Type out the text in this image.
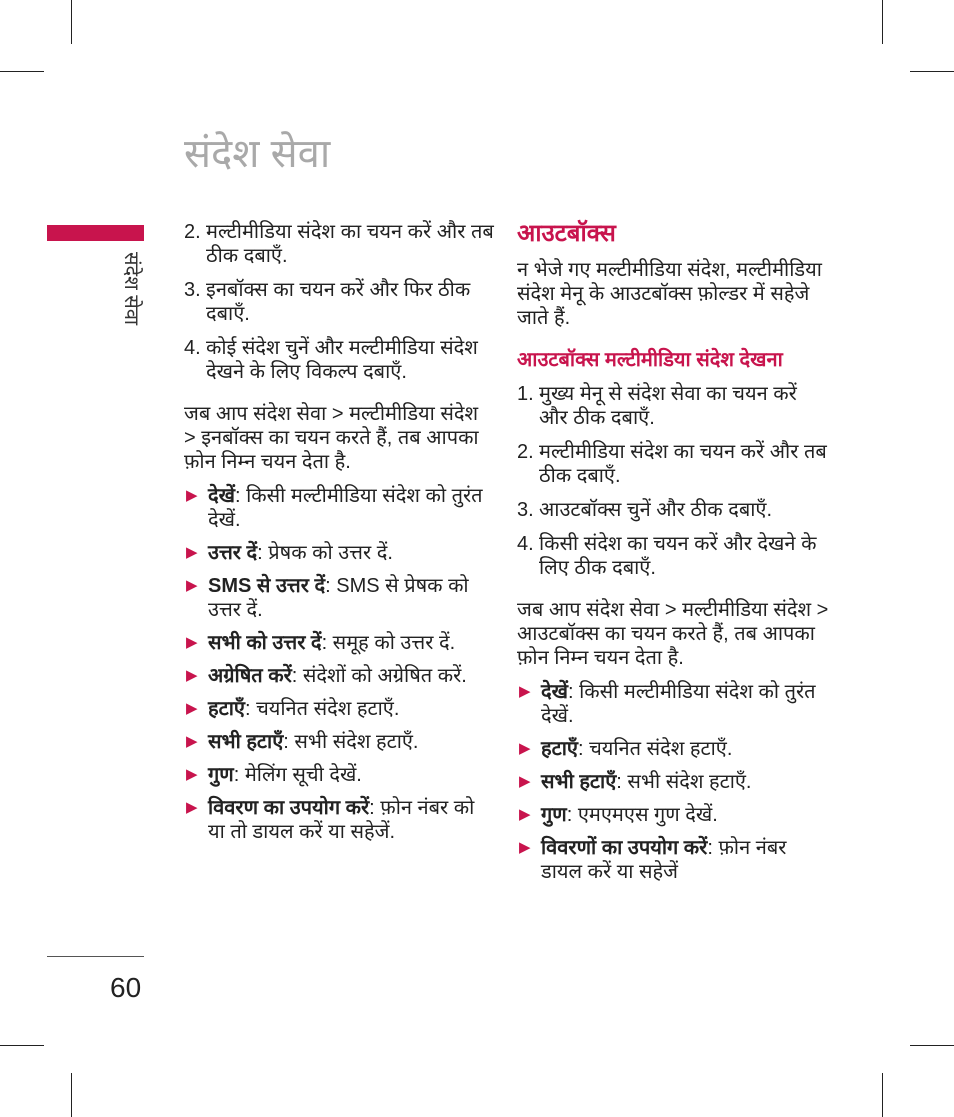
संदेश सेवा
संदेश सेवा
60
2. मल्टीमीडिया संदेश का चयन करें और तब ठीक दबाएँ.
3. इनबॉक्स का चयन करें और फिर ठीक दबाएँ.
4. कोई संदेश चुनें और मल्टीमीडिया संदेश देखने के लिए विकल्प दबाएँ.

जब आप संदेश सेवा > मल्टीमीडिया संदेश > इनबॉक्स का चयन करते हैं, तब आपका फ़ोन निम्न चयन देता है.

▶ देखें: किसी मल्टीमीडिया संदेश को तुरंत देखें.
▶ उत्तर दें: प्रेषक को उत्तर दें.
▶ SMS से उत्तर दें: SMS से प्रेषक को उत्तर दें.
▶ सभी को उत्तर दें: समूह को उत्तर दें.
▶ अग्रेषित करें: संदेशों को अग्रेषित करें.
▶ हटाएँ: चयनित संदेश हटाएँ.
▶ सभी हटाएँ: सभी संदेश हटाएँ.
▶ गुण: मेलिंग सूची देखें.
▶ विवरण का उपयोग करें: फ़ोन नंबर को या तो डायल करें या सहेजें.
आउटबॉक्स

न भेजे गए मल्टीमीडिया संदेश, मल्टीमीडिया संदेश मेनू के आउटबॉक्स फ़ोल्डर में सहेजे जाते हैं.

आउटबॉक्स मल्टीमीडिया संदेश देखना
1. मुख्य मेनू से संदेश सेवा का चयन करें और ठीक दबाएँ.
2. मल्टीमीडिया संदेश का चयन करें और तब ठीक दबाएँ.
3. आउटबॉक्स चुनें और ठीक दबाएँ.
4. किसी संदेश का चयन करें और देखने के लिए ठीक दबाएँ.

जब आप संदेश सेवा > मल्टीमीडिया संदेश > आउटबॉक्स का चयन करते हैं, तब आपका फ़ोन निम्न चयन देता है.

▶ देखें: किसी मल्टीमीडिया संदेश को तुरंत देखें.
▶ हटाएँ: चयनित संदेश हटाएँ.
▶ सभी हटाएँ: सभी संदेश हटाएँ.
▶ गुण: एमएमएस गुण देखें.
▶ विवरणों का उपयोग करें: फ़ोन नंबर डायल करें या सहेजें
